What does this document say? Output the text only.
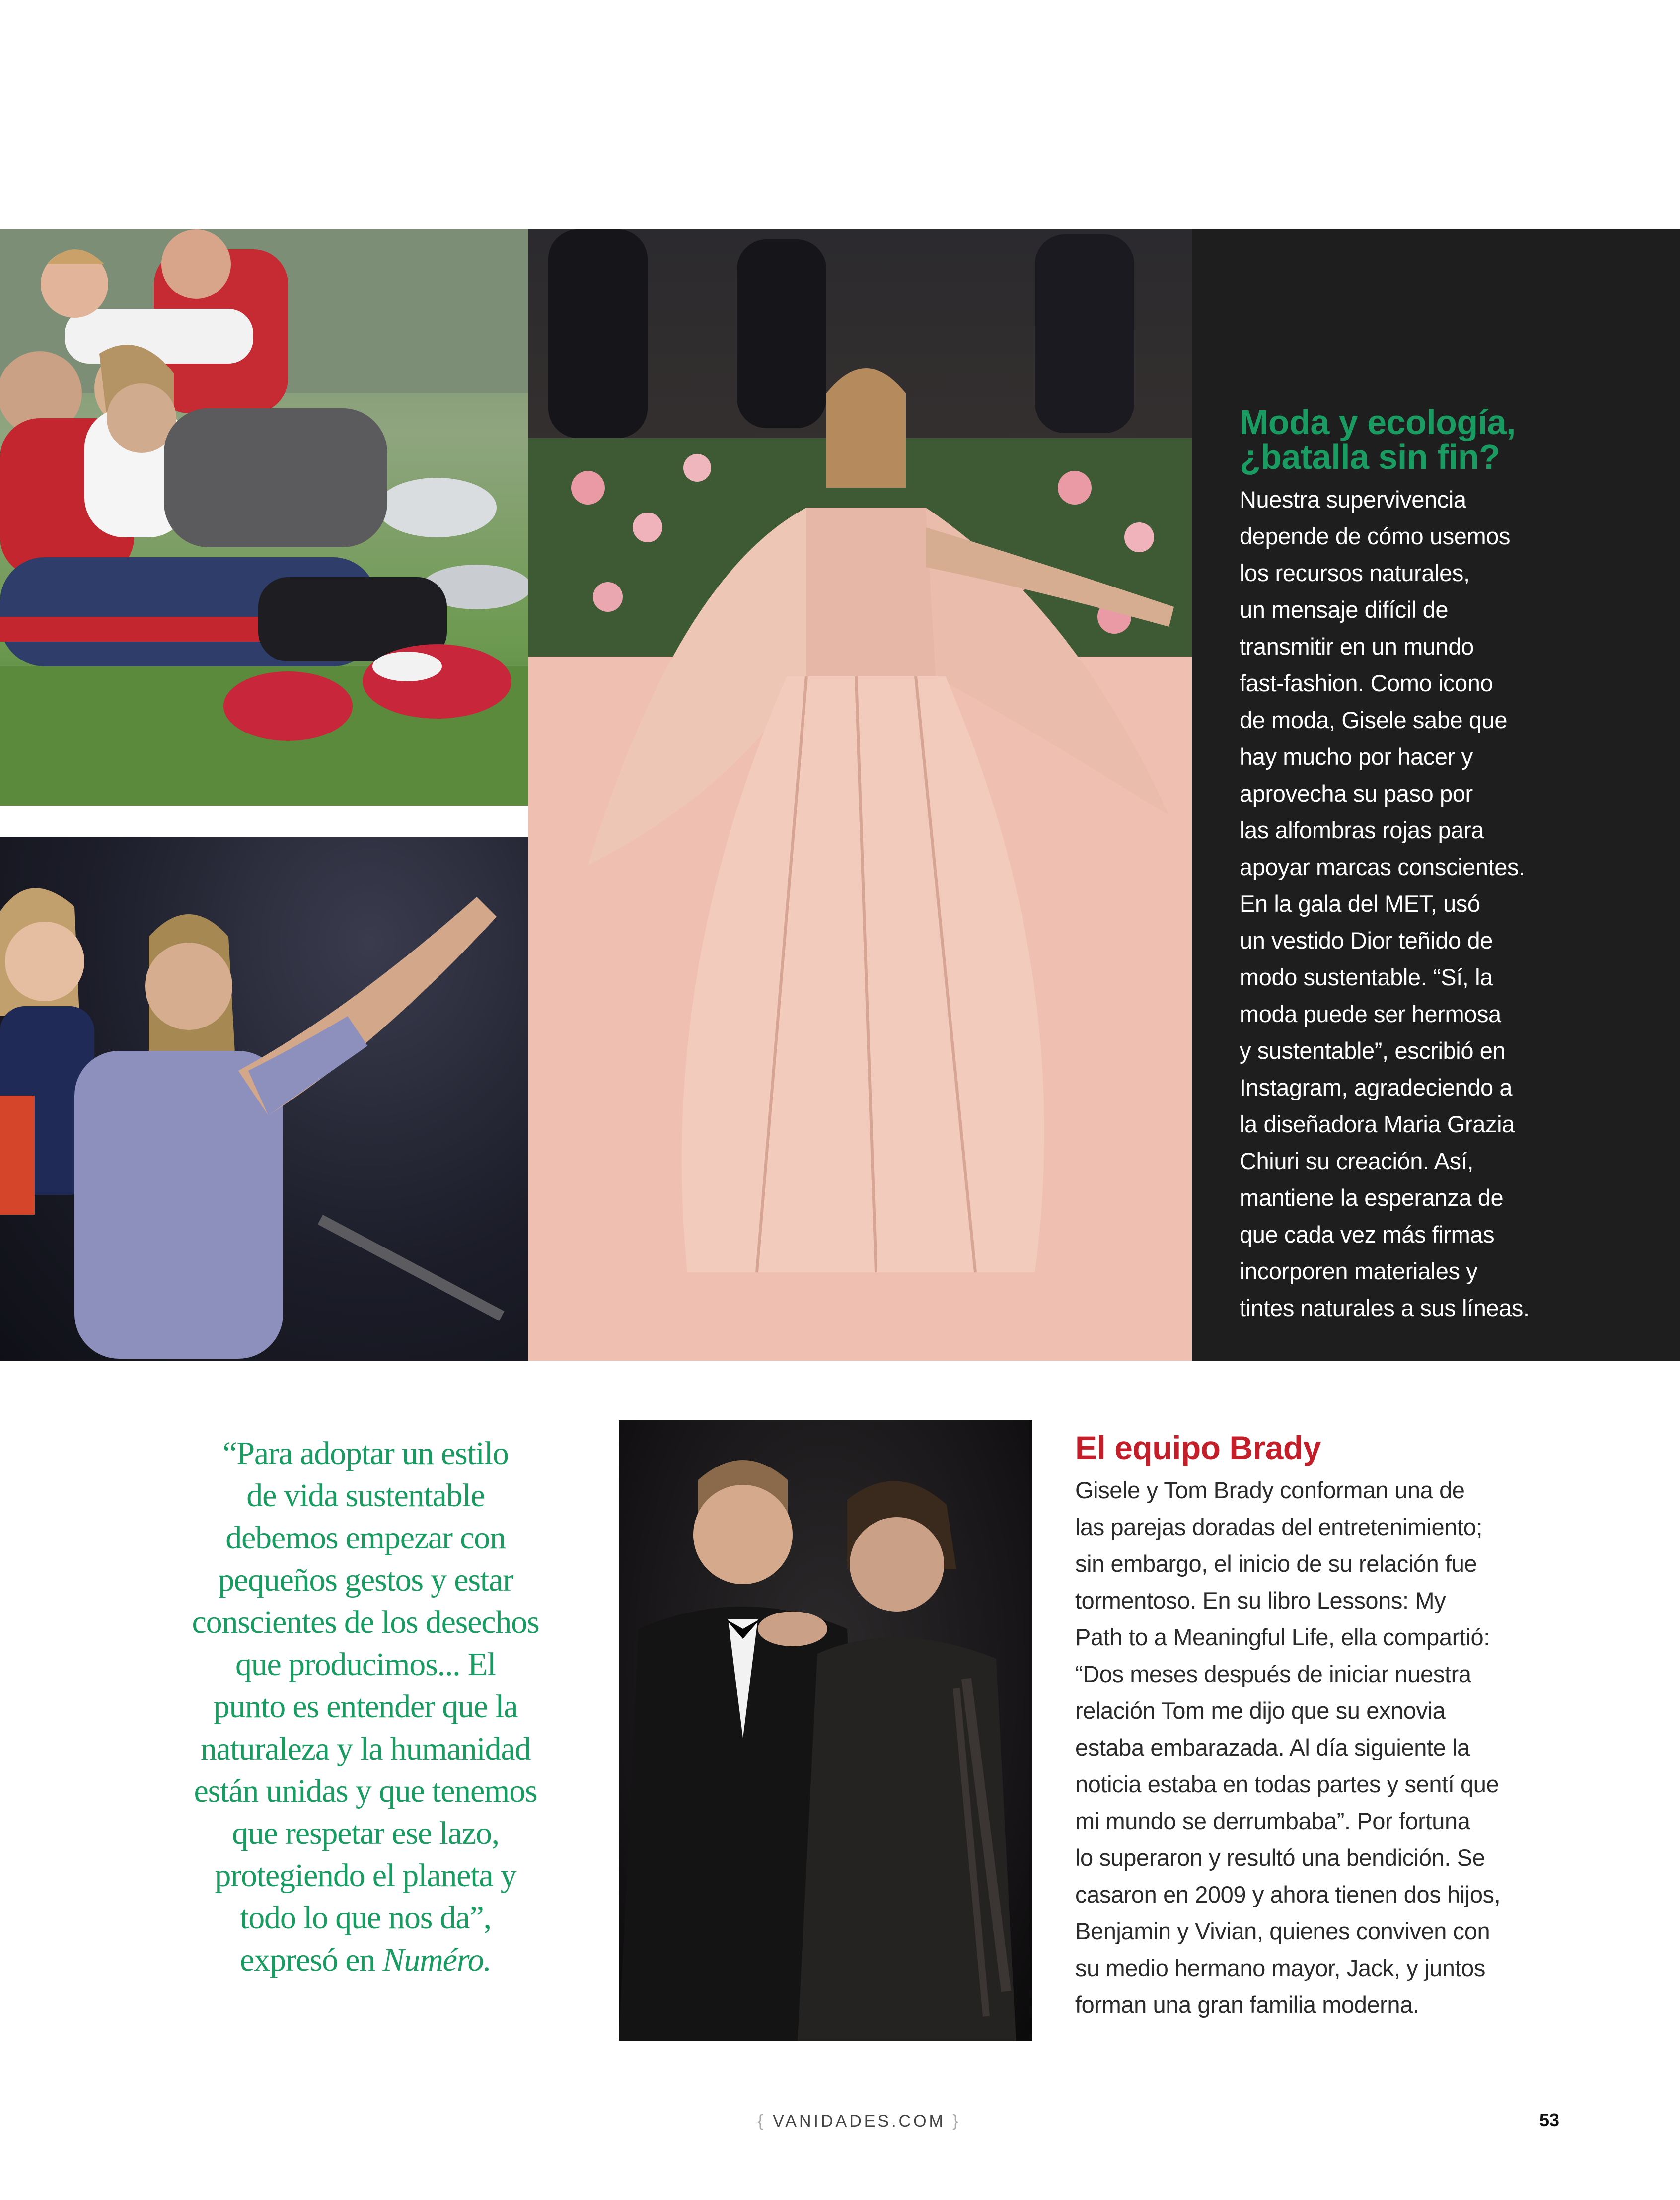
Moda y ecología,
¿batalla sin fin?

Nuestra supervivencia
depende de cómo usemos
los recursos naturales,
un mensaje difícil de
transmitir en un mundo
fast-fashion. Como icono
de moda, Gisele sabe que
hay mucho por hacer y
aprovecha su paso por
las alfombras rojas para
apoyar marcas conscientes.
En la gala del MET, usó
un vestido Dior teñido de
modo sustentable. “Sí, la
moda puede ser hermosa
y sustentable”, escribió en
Instagram, agradeciendo a
la diseñadora Maria Grazia
Chiuri su creación. Así,
mantiene la esperanza de
que cada vez más firmas
incorporen materiales y
tintes naturales a sus líneas.

“Para adoptar un estilo
de vida sustentable
debemos empezar con
pequeños gestos y estar
conscientes de los desechos
que producimos... El
punto es entender que la
naturaleza y la humanidad
están unidas y que tenemos
que respetar ese lazo,
protegiendo el planeta y
todo lo que nos da”,
expresó en Numéro.
El equipo Brady

Gisele y Tom Brady conforman una de
las parejas doradas del entretenimiento;
sin embargo, el inicio de su relación fue
tormentoso. En su libro Lessons: My
Path to a Meaningful Life, ella compartió:
“Dos meses después de iniciar nuestra
relación Tom me dijo que su exnovia
estaba embarazada. Al día siguiente la
noticia estaba en todas partes y sentí que
mi mundo se derrumbaba”. Por fortuna
lo superaron y resultó una bendición. Se
casaron en 2009 y ahora tienen dos hijos,
Benjamin y Vivian, quienes conviven con
su medio hermano mayor, Jack, y juntos
forman una gran familia moderna.

{ VANIDADES.COM }	53
